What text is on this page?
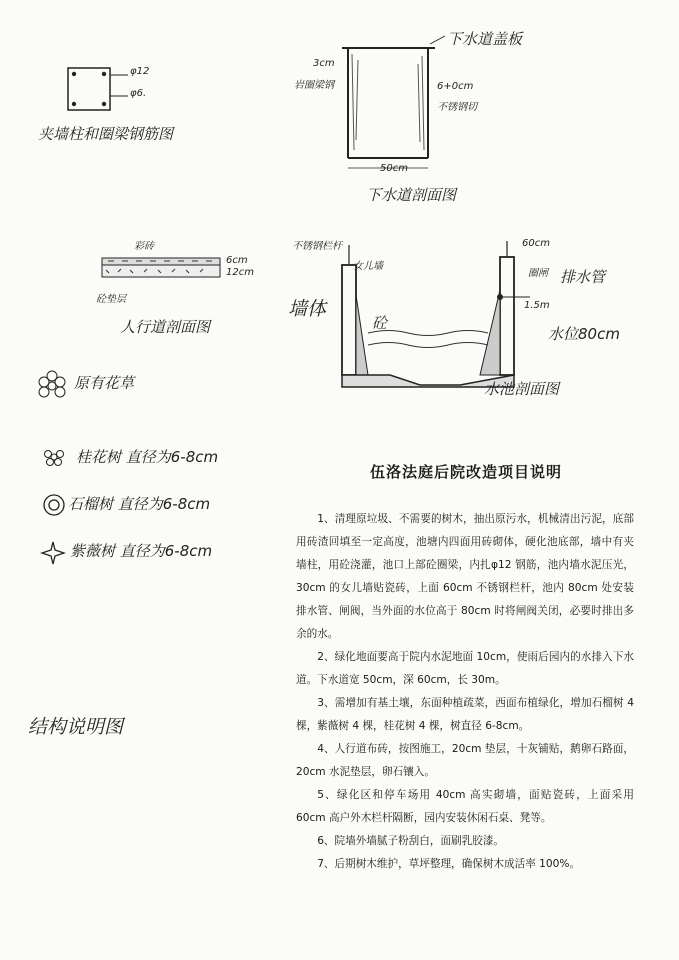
φ12
φ6.
夹墙柱和圈梁钢筋图
下水道盖板
3cm
岩圈梁钢	6+0cm
不锈钢切
50cm
下水道剖面图
彩砖
6cm
12cm
砼垫层
人行道剖面图
不锈钢栏杆
女儿墙
墙体
砼
60cm
圈闸 排水管
1.5m
水位80cm
水池剖面图
原有花草
桂花树 直径为6-8cm
石榴树 直径为6-8cm
紫薇树 直径为6-8cm
结构说明图
伍洛法庭后院改造项目说明

1、清理原垃圾、不需要的树木，抽出原污水，机械清出污泥，底部用砖渣回填至一定高度，池塘内四面用砖砌体，硬化池底部，墙中有夹墙柱，用砼浇灌，池口上部砼圈梁，内扎φ12 钢筋，池内墙水泥压光，30cm 的女儿墙贴瓷砖，上面 60cm 不锈钢栏杆，池内 80cm 处安装排水管、闸阀，当外面的水位高于 80cm 时将闸阀关闭，必要时排出多余的水。

2、绿化地面要高于院内水泥地面 10cm，使雨后园内的水排入下水道。下水道宽 50cm，深 60cm，长 30m。

3、需增加有基土壤，东面种植疏菜，西面布植绿化，增加石榴树 4 棵，紫薇树 4 棵，桂花树 4 棵，树直径 6-8cm。

4、人行道布砖，按图施工，20cm 垫层，十灰铺贴，鹅卵石路面，20cm 水泥垫层，卵石镶入。

5、绿化区和停车场用 40cm 高实砌墙，面贴瓷砖，上面采用 60cm 高户外木栏杆隔断，园内安装休闲石桌、凳等。

6、院墙外墙腻子粉刮白，面刷乳胶漆。

7、后期树木维护，草坪整理，确保树木成活率 100%。
